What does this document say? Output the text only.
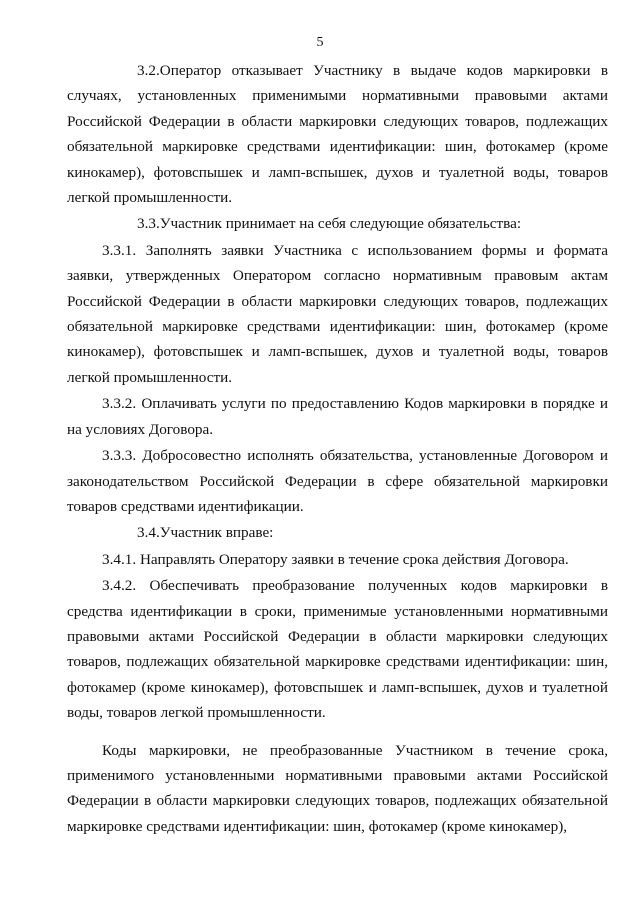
5

3.2.Оператор отказывает Участнику в выдаче кодов маркировки в случаях, установленных применимыми нормативными правовыми актами Российской Федерации в области маркировки следующих товаров, подлежащих обязательной маркировке средствами идентификации: шин, фотокамер (кроме кинокамер), фотовспышек и ламп-вспышек, духов и туалетной воды, товаров легкой промышленности.

3.3.Участник принимает на себя следующие обязательства:

3.3.1. Заполнять заявки Участника с использованием формы и формата заявки, утвержденных Оператором согласно нормативным правовым актам Российской Федерации в области маркировки следующих товаров, подлежащих обязательной маркировке средствами идентификации: шин, фотокамер (кроме кинокамер), фотовспышек и ламп-вспышек, духов и туалетной воды, товаров легкой промышленности.

3.3.2. Оплачивать услуги по предоставлению Кодов маркировки в порядке и на условиях Договора.

3.3.3. Добросовестно исполнять обязательства, установленные Договором и законодательством Российской Федерации в сфере обязательной маркировки товаров средствами идентификации.

3.4.Участник вправе:

3.4.1. Направлять Оператору заявки в течение срока действия Договора.

3.4.2. Обеспечивать преобразование полученных кодов маркировки в средства идентификации в сроки, применимые установленными нормативными правовыми актами Российской Федерации в области маркировки следующих товаров, подлежащих обязательной маркировке средствами идентификации: шин, фотокамер (кроме кинокамер), фотовспышек и ламп-вспышек, духов и туалетной воды, товаров легкой промышленности.

Коды маркировки, не преобразованные Участником в течение срока, применимого установленными нормативными правовыми актами Российской Федерации в области маркировки следующих товаров, подлежащих обязательной маркировке средствами идентификации: шин, фотокамер (кроме кинокамер),
